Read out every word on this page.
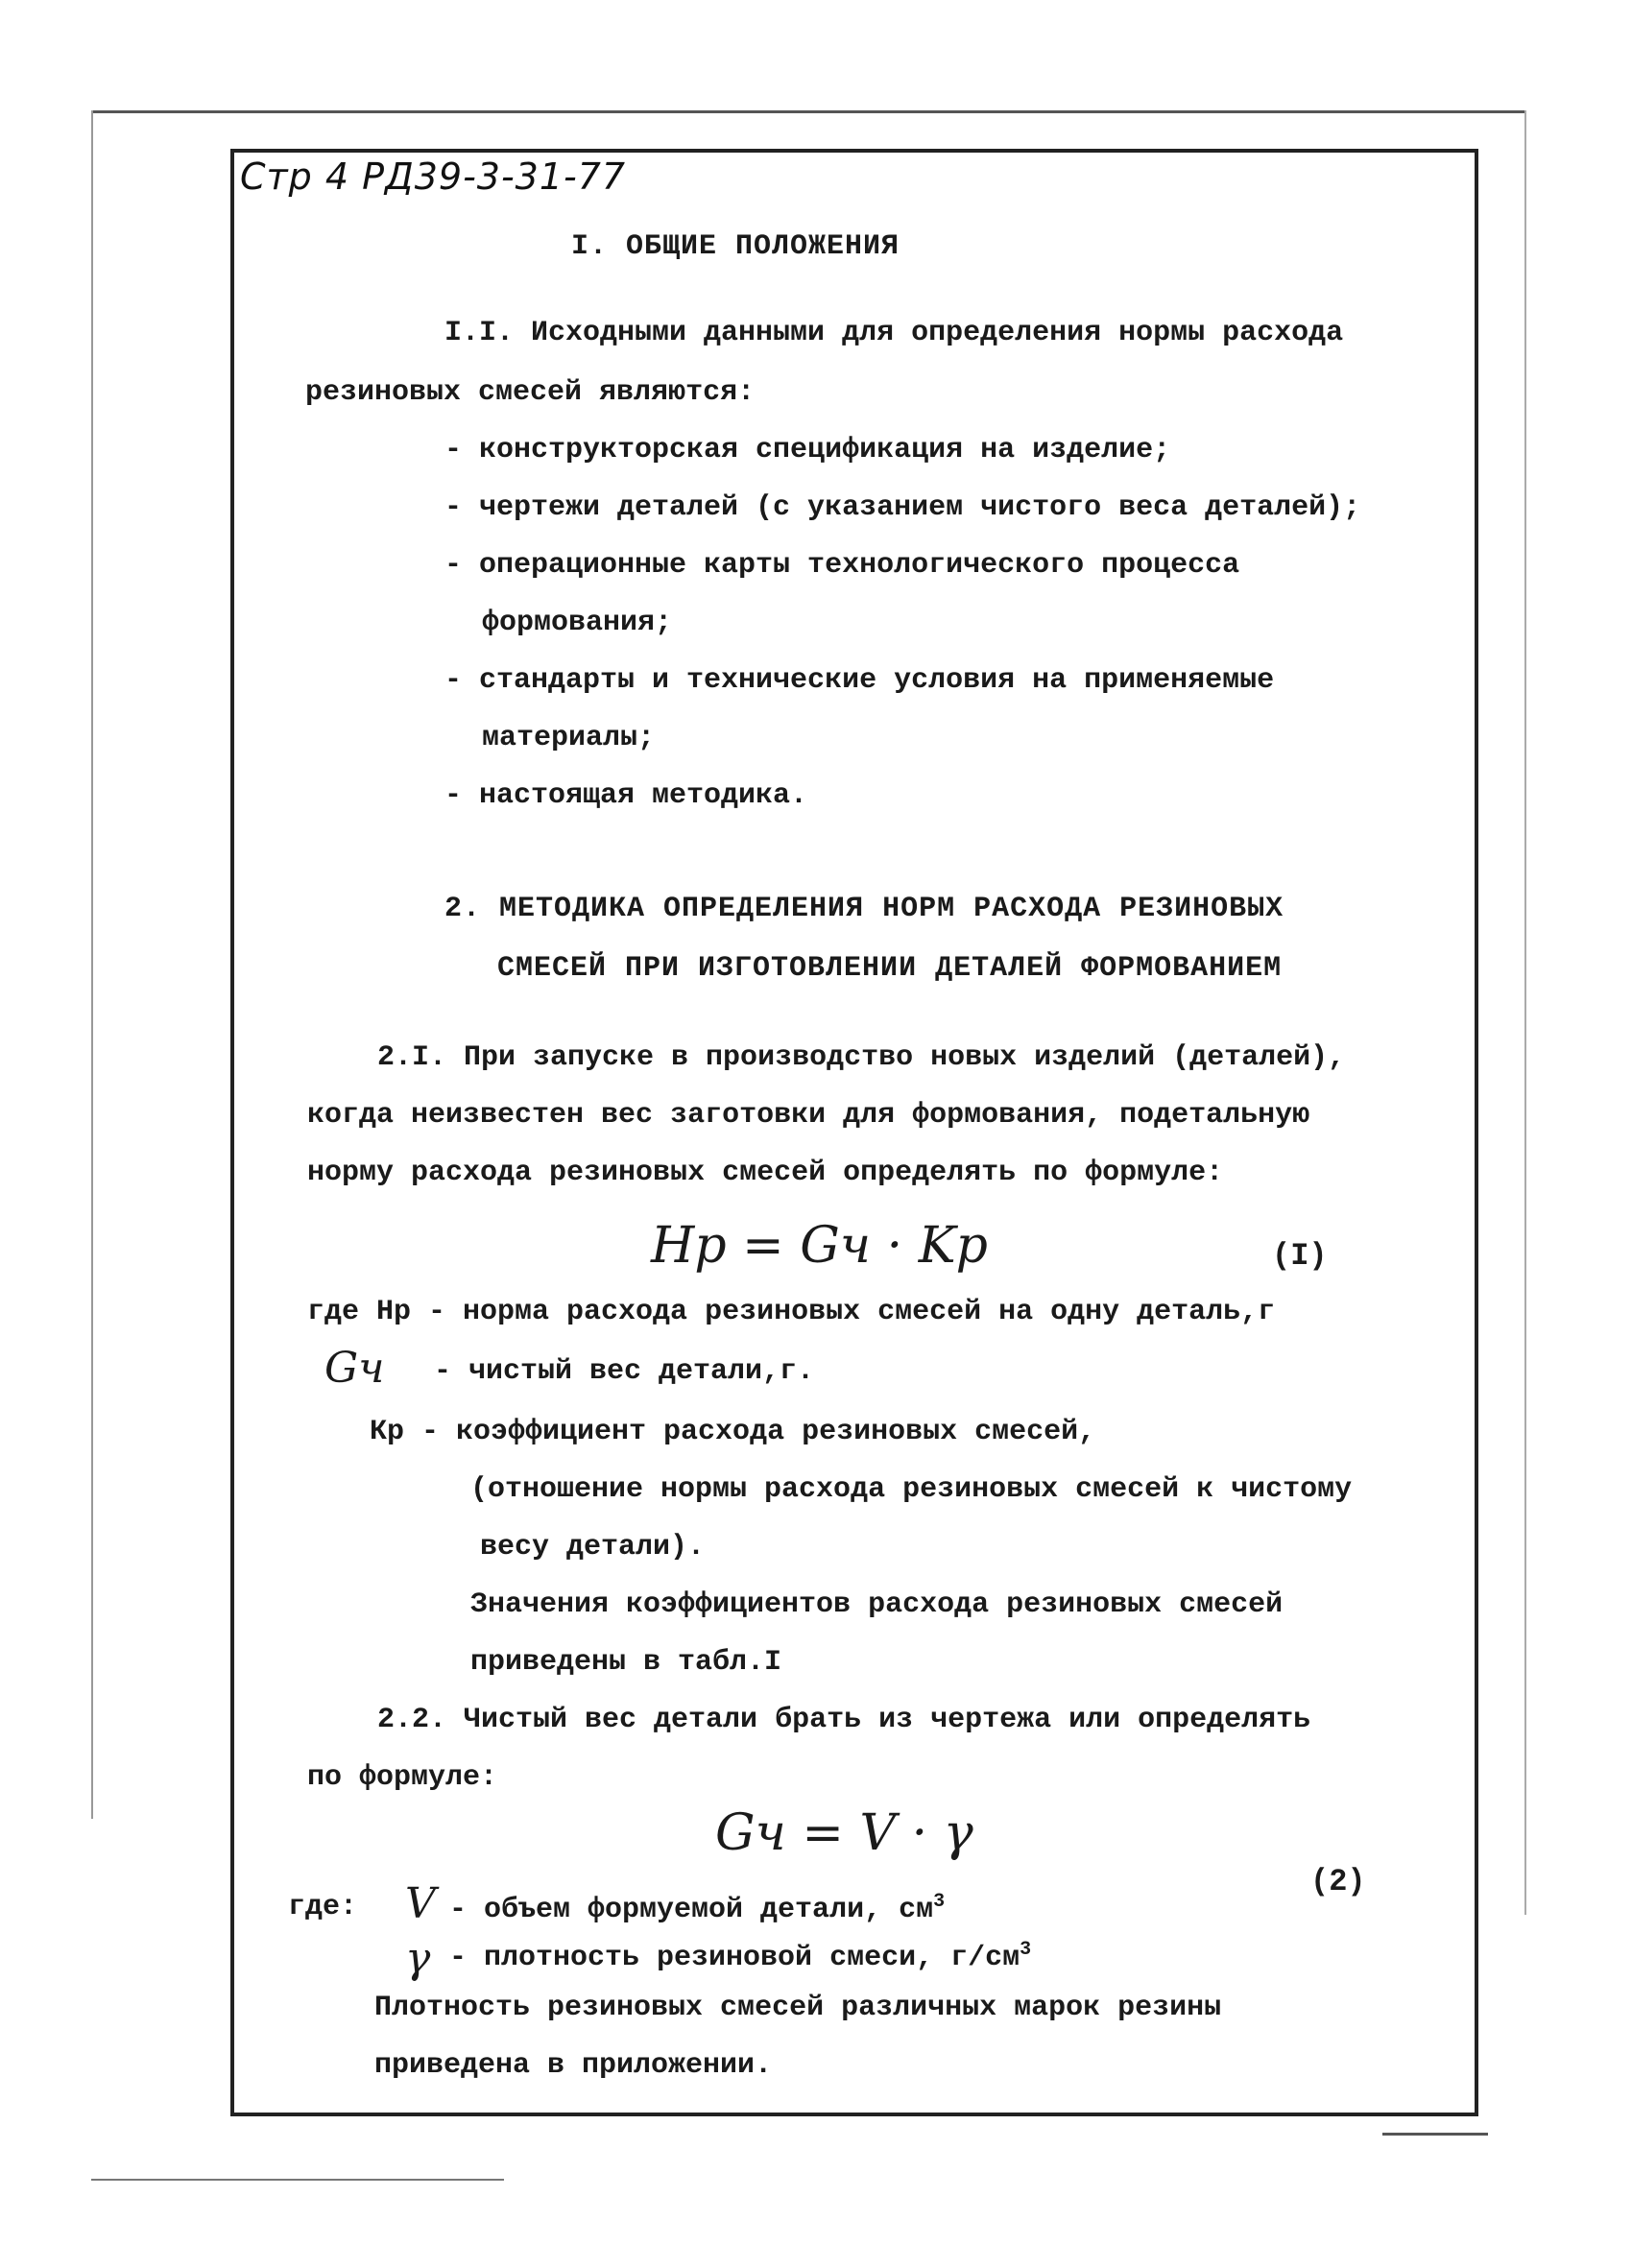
Стр 4 РД39-3-31-77
I. ОБЩИЕ ПОЛОЖЕНИЯ
I.I. Исходными данными для определения нормы расхода
резиновых смесей являются:
- конструкторская спецификация на изделие;
- чертежи деталей (с указанием чистого веса деталей);
- операционные карты технологического процесса
формования;
- стандарты и технические условия на применяемые
материалы;
- настоящая методика.
2. МЕТОДИКА ОПРЕДЕЛЕНИЯ НОРМ РАСХОДА РЕЗИНОВЫХ
СМЕСЕЙ ПРИ ИЗГОТОВЛЕНИИ ДЕТАЛЕЙ ФОРМОВАНИЕМ
2.I. При запуске в производство новых изделий (деталей),
когда неизвестен вес заготовки для формования, подетальную
норму расхода резиновых смесей определять по формуле:
Hp = Gч · Kp	(I)
где Нр - норма расхода резиновых смесей на одну деталь,г
Gч - чистый вес детали,г.
Кр - коэффициент расхода резиновых смесей,
(отношение нормы расхода резиновых смесей к чистому
весу детали).
Значения коэффициентов расхода резиновых смесей
приведены в табл.I
2.2. Чистый вес детали брать из чертежа или определять
по формуле:
Gч = V · γ
(2)
где: V - объем формуемой детали, $см^3$
γ - плотность резиновой смеси, $г/см^3$
Плотность резиновых смесей различных марок резины
приведена в приложении.
